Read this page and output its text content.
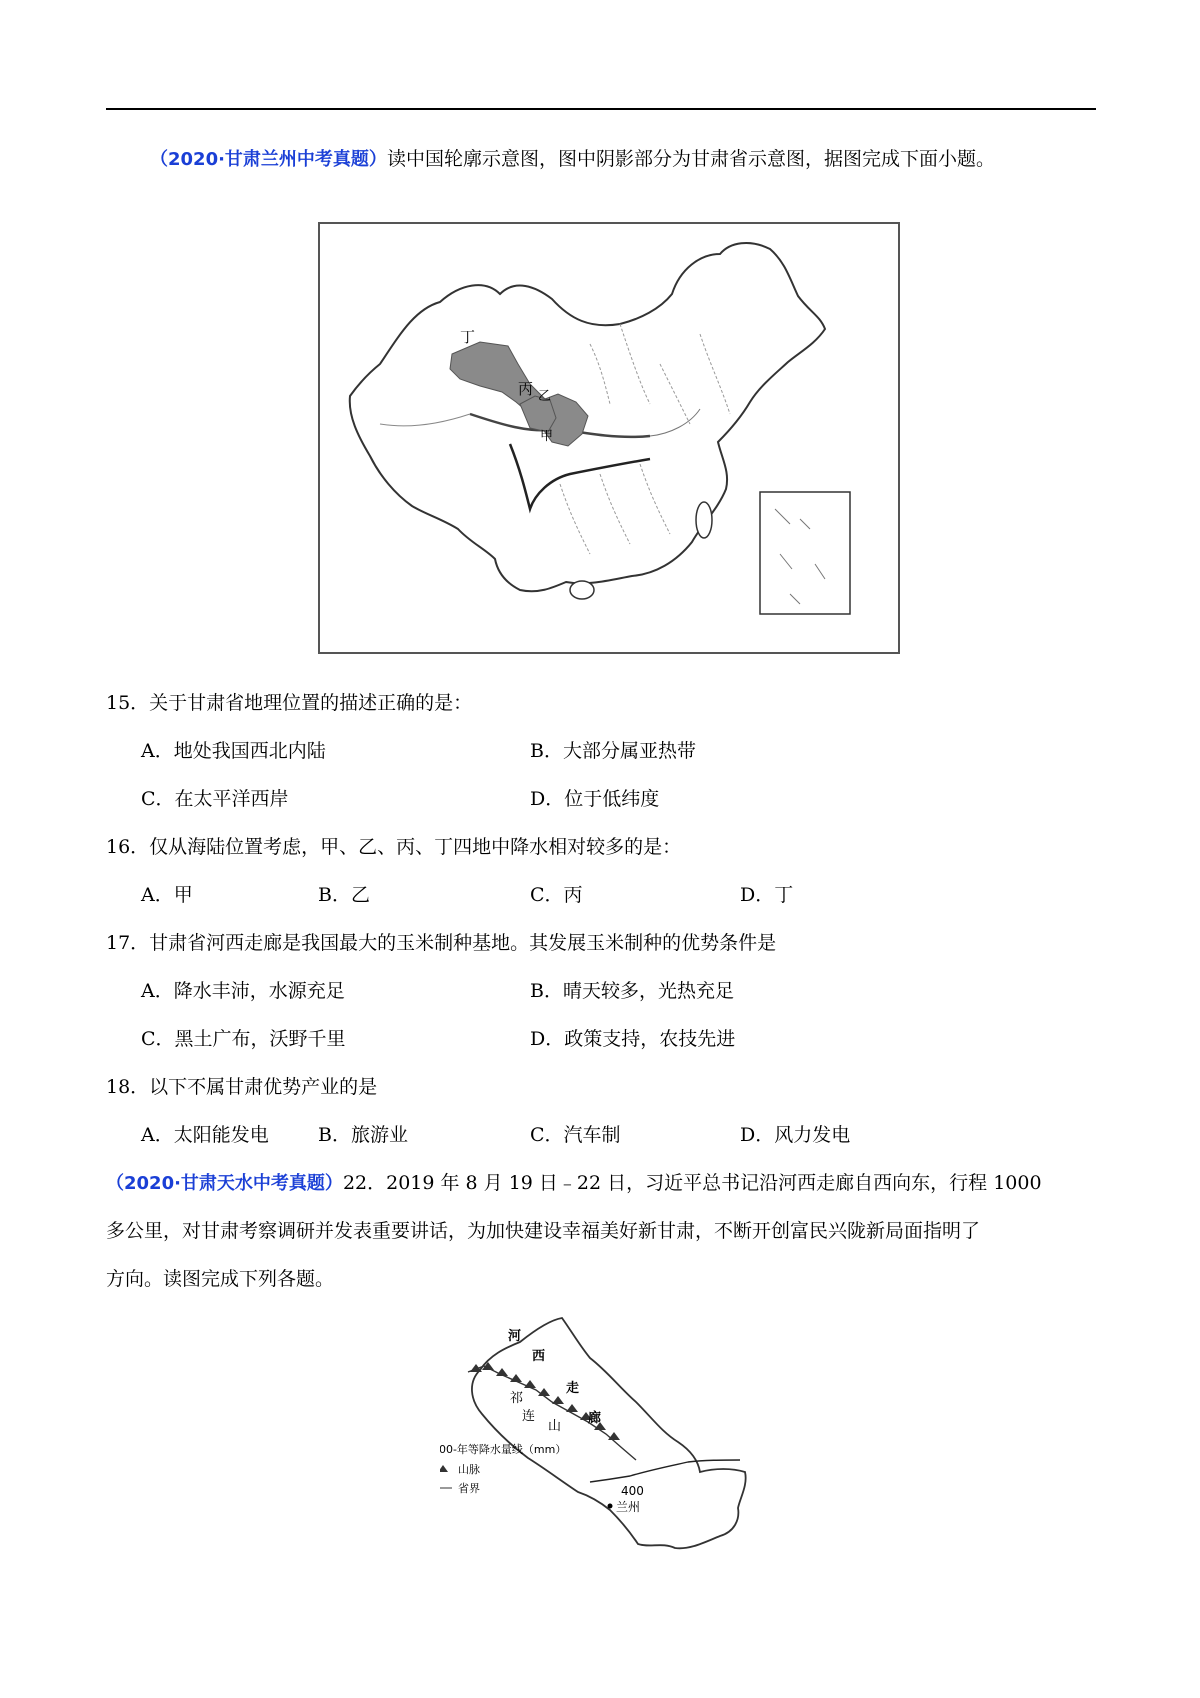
（2020·甘肃兰州中考真题）读中国轮廓示意图，图中阴影部分为甘肃省示意图，据图完成下面小题。
丁
丙 乙
甲
15．关于甘肃省地理位置的描述正确的是：
A．地处我国西北内陆	B．大部分属亚热带
C．在太平洋西岸	D．位于低纬度
16．仅从海陆位置考虑，甲、乙、丙、丁四地中降水相对较多的是：
A．甲	B．乙	C．丙	D．丁
17．甘肃省河西走廊是我国最大的玉米制种基地。其发展玉米制种的优势条件是
A．降水丰沛，水源充足	B．晴天较多，光热充足
C．黑土广布，沃野千里	D．政策支持，农技先进
18．以下不属甘肃优势产业的是
A．太阳能发电	B．旅游业	C．汽车制	D．风力发电
（2020·甘肃天水中考真题）22．2019 年 8 月 19 日﹣22 日，习近平总书记沿河西走廊自西向东，行程 1000
多公里，对甘肃考察调研并发表重要讲话，为加快建设幸福美好新甘肃，不断开创富民兴陇新局面指明了
方向。读图完成下列各题。
400
河
西
走
廊
祁
连
山
兰州
-400-年等降水量线（mm）
山脉
省界
